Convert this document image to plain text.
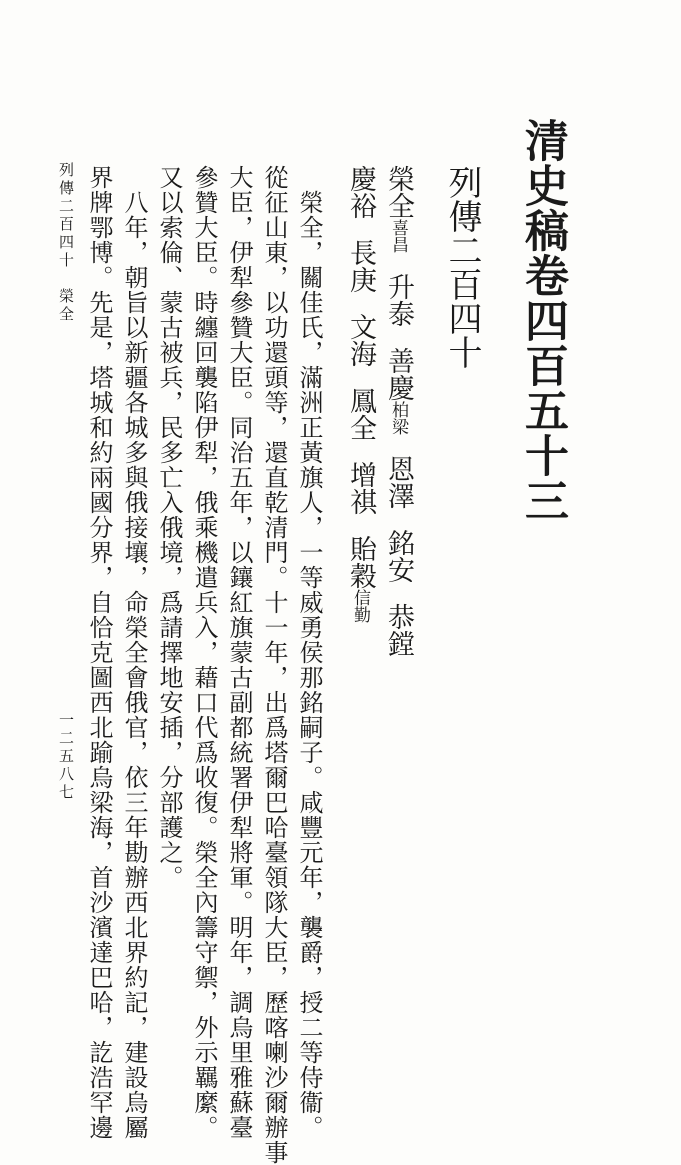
清史稿卷四百五十三
列傳二百四十
榮全喜昌升泰善慶柏梁恩澤銘安恭鏜
慶裕長庚文海鳳全增祺貽穀信勤
　榮全，關佳氏，滿洲正黃旗人，一等威勇侯那銘嗣子。咸豐元年，襲爵，授二等侍衞。
從征山東，以功還頭等，還直乾清門。十一年，出爲塔爾巴哈臺領隊大臣，歷喀喇沙爾辦事
大臣，伊犁參贊大臣。同治五年，以鑲紅旗蒙古副都統署伊犁將軍。明年，調烏里雅蘇臺
參贊大臣。時纏回襲陷伊犁，俄乘機遣兵入，藉口代爲收復。榮全內籌守禦，外示羈縻。
又以索倫、蒙古被兵，民多亡入俄境，爲請擇地安插，分部護之。
　八年，朝旨以新疆各城多與俄接壤，命榮全會俄官，依三年勘辦西北界約記，建設烏屬
界牌鄂博。先是，塔城和約兩國分界，自恰克圖西北踰烏梁海，首沙濱達巴哈，訖浩罕邊
列傳二百四十　榮全
一二五八七
